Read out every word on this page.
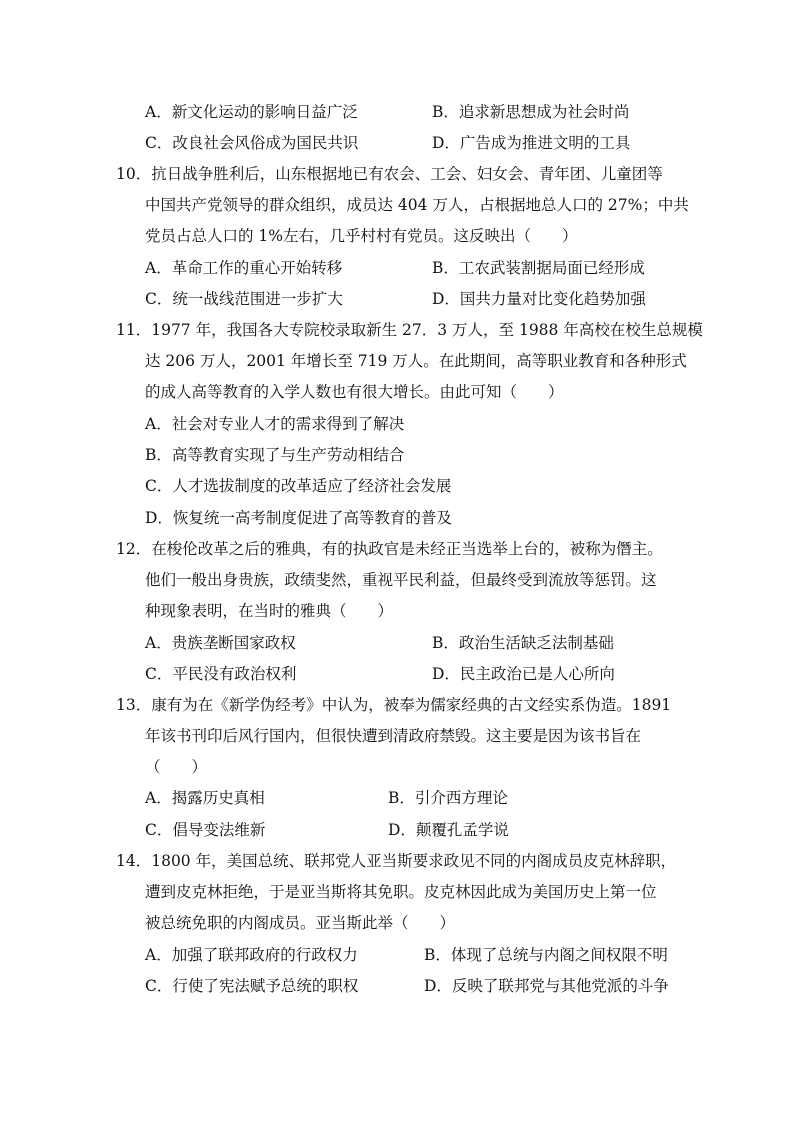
A．新文化运动的影响日益广泛	B．追求新思想成为社会时尚
C．改良社会风俗成为国民共识	D．广告成为推进文明的工具
10．抗日战争胜利后，山东根据地已有农会、工会、妇女会、青年团、儿童团等
中国共产党领导的群众组织，成员达 404 万人，占根据地总人口的 27%；中共
党员占总人口的 1%左右，几乎村村有党员。这反映出（　　）
A．革命工作的重心开始转移	B．工农武装割据局面已经形成
C．统一战线范围进一步扩大	D．国共力量对比变化趋势加强
11．1977 年，我国各大专院校录取新生 27．3 万人，至 1988 年高校在校生总规模
达 206 万人，2001 年增长至 719 万人。在此期间，高等职业教育和各种形式
的成人高等教育的入学人数也有很大增长。由此可知（　　）
A．社会对专业人才的需求得到了解决
B．高等教育实现了与生产劳动相结合
C．人才选拔制度的改革适应了经济社会发展
D．恢复统一高考制度促进了高等教育的普及
12．在梭伦改革之后的雅典，有的执政官是未经正当选举上台的，被称为僭主。
他们一般出身贵族，政绩斐然，重视平民利益，但最终受到流放等惩罚。这
种现象表明，在当时的雅典（　　）
A．贵族垄断国家政权	B．政治生活缺乏法制基础
C．平民没有政治权利	D．民主政治已是人心所向
13．康有为在《新学伪经考》中认为，被奉为儒家经典的古文经实系伪造。1891
年该书刊印后风行国内，但很快遭到清政府禁毁。这主要是因为该书旨在
（　　）
A．揭露历史真相	B．引介西方理论
C．倡导变法维新	D．颠覆孔孟学说
14．1800 年，美国总统、联邦党人亚当斯要求政见不同的内阁成员皮克林辞职，
遭到皮克林拒绝，于是亚当斯将其免职。皮克林因此成为美国历史上第一位
被总统免职的内阁成员。亚当斯此举（　　）
A．加强了联邦政府的行政权力	B．体现了总统与内阁之间权限不明
C．行使了宪法赋予总统的职权	D．反映了联邦党与其他党派的斗争
